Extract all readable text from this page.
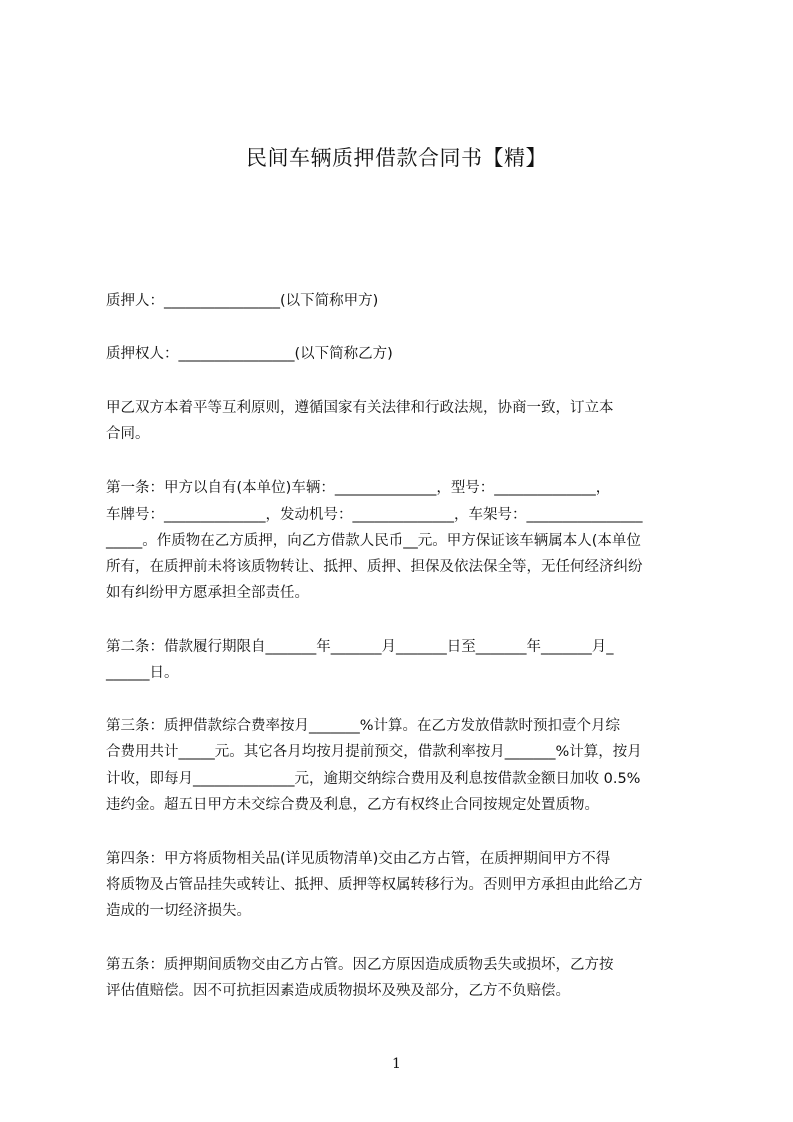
民间车辆质押借款合同书【精】
质押人：________________(以下简称甲方)
质押权人：________________(以下简称乙方)
甲乙双方本着平等互利原则，遵循国家有关法律和行政法规，协商一致，订立本
合同。
第一条：甲方以自有(本单位)车辆：______________，型号：______________，
车牌号：______________，发动机号：______________，车架号：________________
_____。作质物在乙方质押，向乙方借款人民币__元。甲方保证该车辆属本人(本单位
所有，在质押前未将该质物转让、抵押、质押、担保及依法保全等，无任何经济纠纷
如有纠纷甲方愿承担全部责任。
第二条：借款履行期限自_______年_______月_______日至_______年_______月_
______日。
第三条：质押借款综合费率按月_______%计算。在乙方发放借款时预扣壹个月综
合费用共计_____元。其它各月均按月提前预交，借款利率按月_______%计算，按月
计收，即每月______________元，逾期交纳综合费用及利息按借款金额日加收 0.5%
违约金。超五日甲方未交综合费及利息，乙方有权终止合同按规定处置质物。
第四条：甲方将质物相关品(详见质物清单)交由乙方占管，在质押期间甲方不得
将质物及占管品挂失或转让、抵押、质押等权属转移行为。否则甲方承担由此给乙方
造成的一切经济损失。
第五条：质押期间质物交由乙方占管。因乙方原因造成质物丢失或损坏，乙方按
评估值赔偿。因不可抗拒因素造成质物损坏及殃及部分，乙方不负赔偿。
1
